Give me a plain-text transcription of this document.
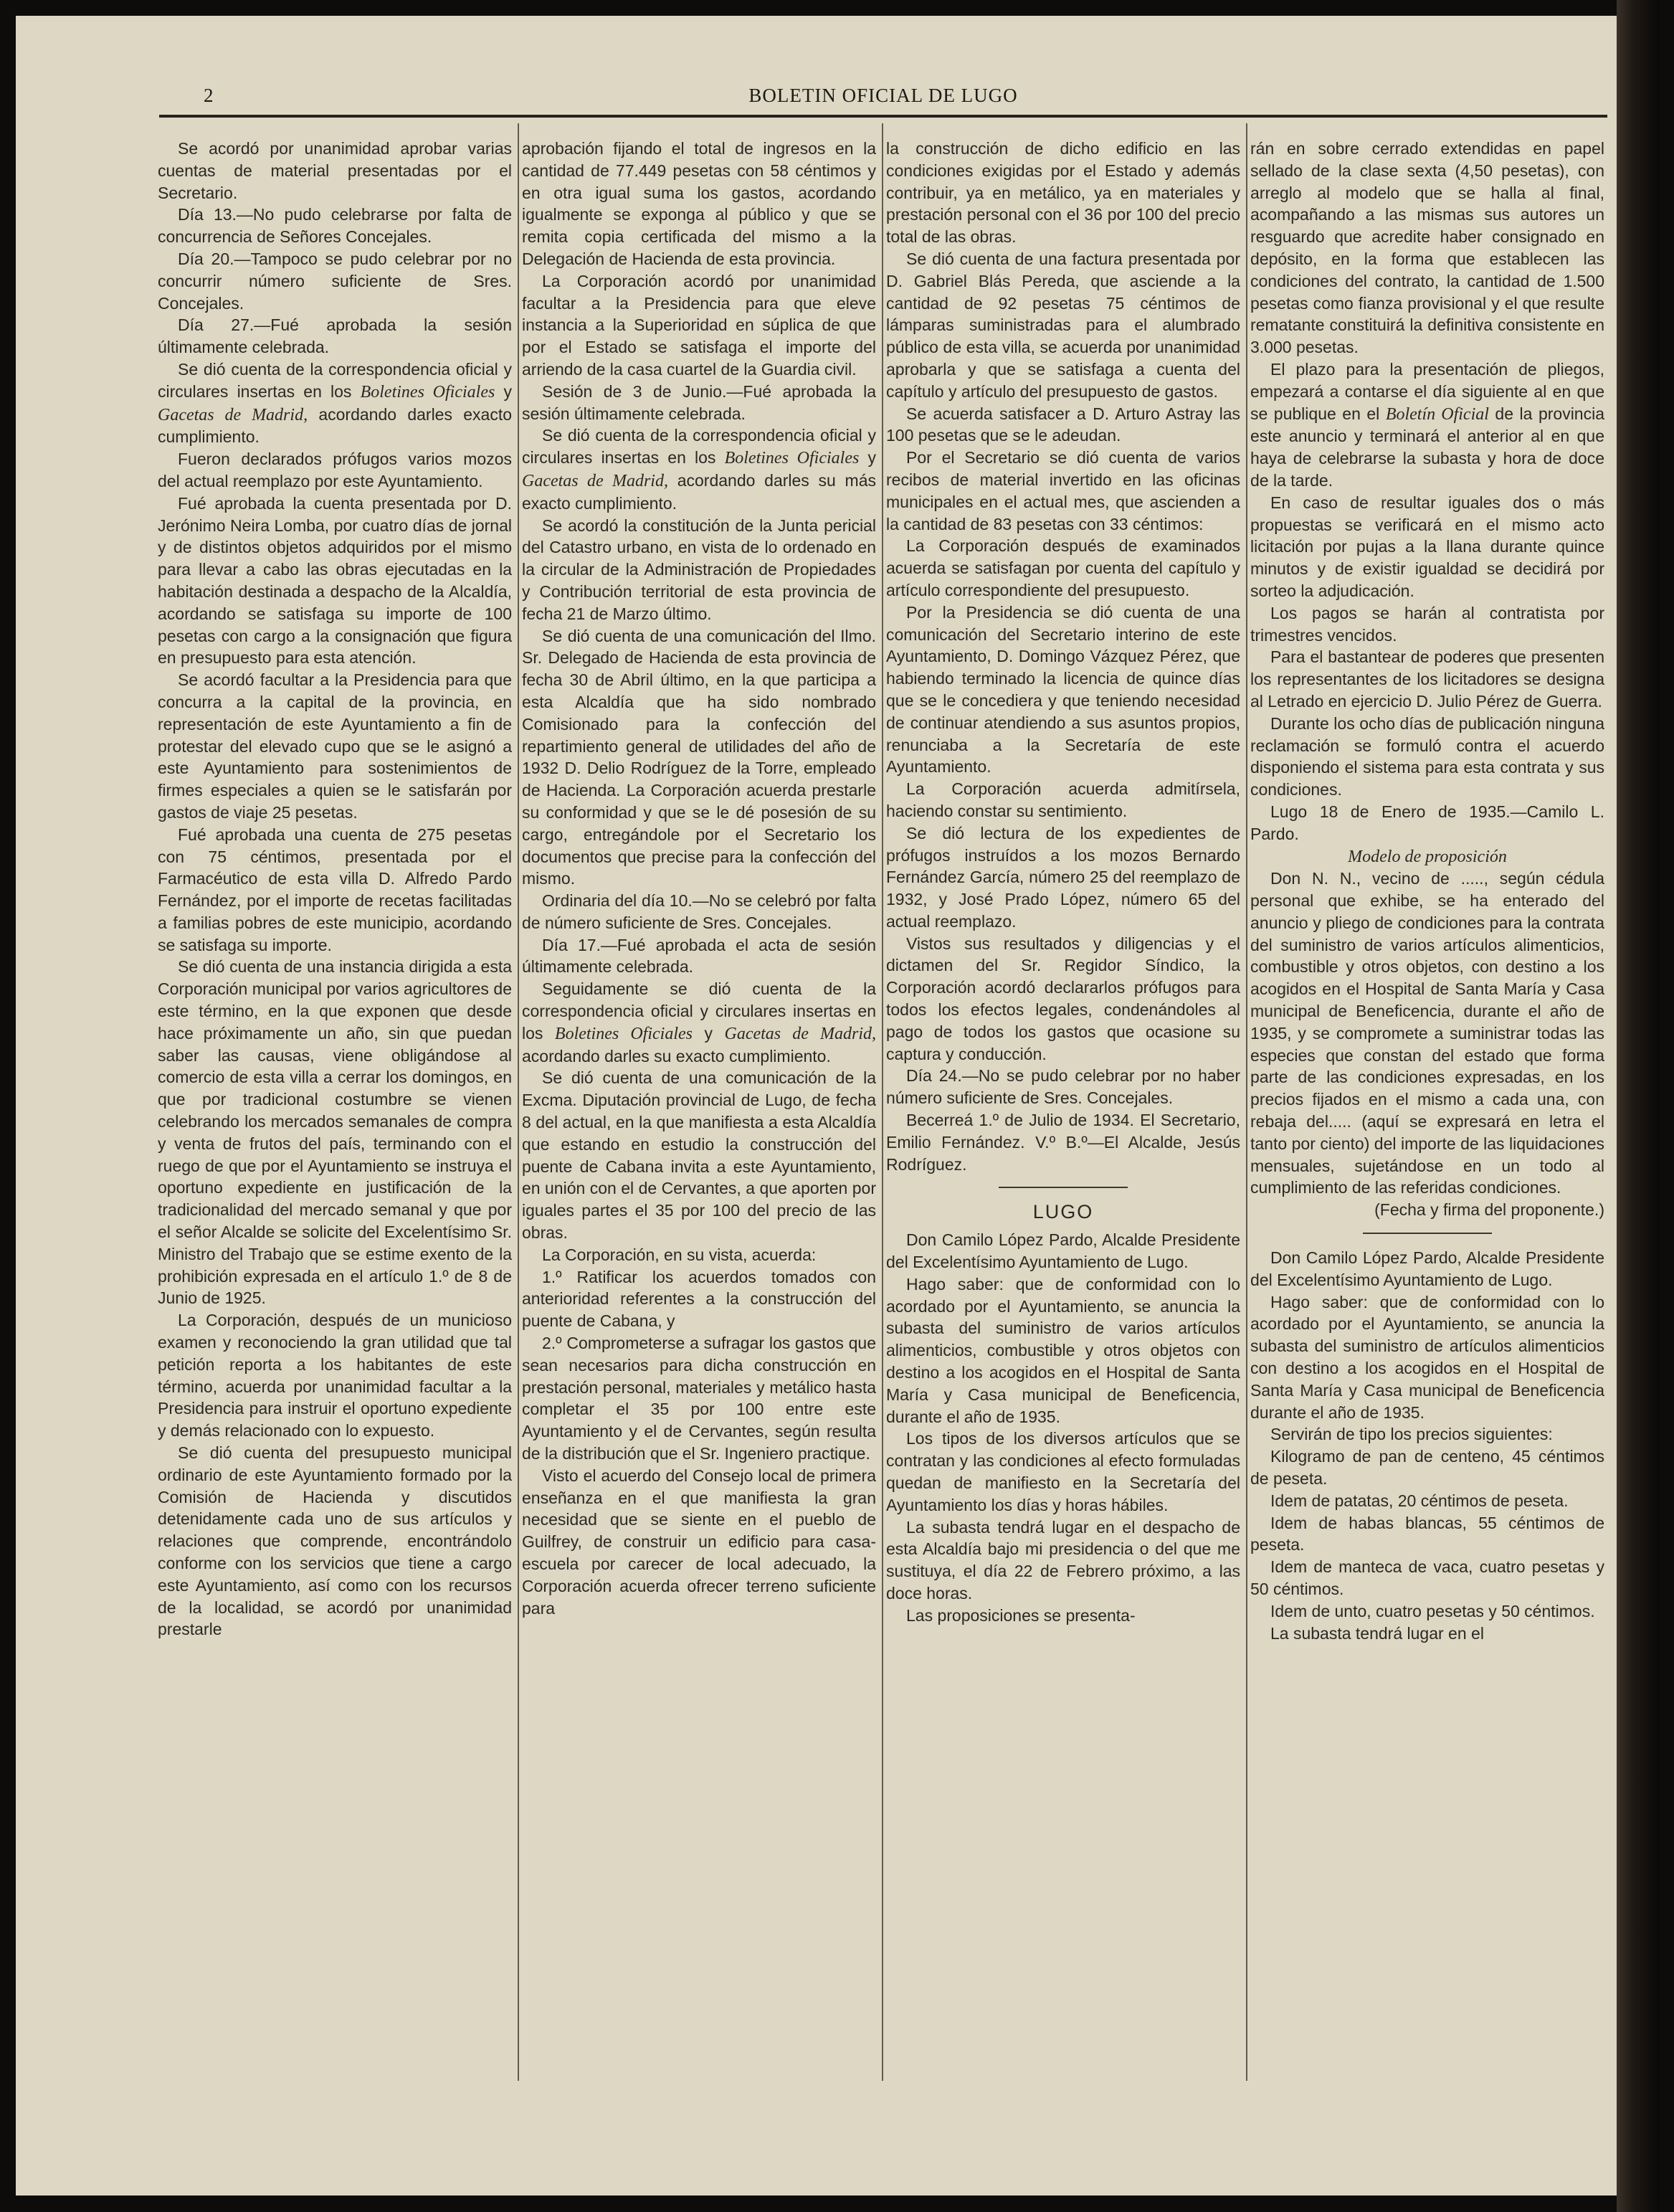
2	BOLETIN OFICIAL DE LUGO

Se acordó por unanimidad aprobar varias cuentas de material presentadas por el Secretario.

Día 13.—No pudo celebrarse por falta de concurrencia de Señores Concejales.

Día 20.—Tampoco se pudo celebrar por no concurrir número suficiente de Sres. Concejales.

Día 27.—Fué aprobada la sesión últimamente celebrada.

Se dió cuenta de la correspondencia oficial y circulares insertas en los Boletines Oficiales y Gacetas de Madrid, acordando darles exacto cumplimiento.

Fueron declarados prófugos varios mozos del actual reemplazo por este Ayuntamiento.

Fué aprobada la cuenta presentada por D. Jerónimo Neira Lomba, por cuatro días de jornal y de distintos objetos adquiridos por el mismo para llevar a cabo las obras ejecutadas en la habitación destinada a despacho de la Alcaldía, acordando se satisfaga su importe de 100 pesetas con cargo a la consignación que figura en presupuesto para esta atención.

Se acordó facultar a la Presidencia para que concurra a la capital de la provincia, en representación de este Ayuntamiento a fin de protestar del elevado cupo que se le asignó a este Ayuntamiento para sostenimientos de firmes especiales a quien se le satisfarán por gastos de viaje 25 pesetas.

Fué aprobada una cuenta de 275 pesetas con 75 céntimos, presentada por el Farmacéutico de esta villa D. Alfredo Pardo Fernández, por el importe de recetas facilitadas a familias pobres de este municipio, acordando se satisfaga su importe.

Se dió cuenta de una instancia dirigida a esta Corporación municipal por varios agricultores de este término, en la que exponen que desde hace próximamente un año, sin que puedan saber las causas, viene obligándose al comercio de esta villa a cerrar los domingos, en que por tradicional costumbre se vienen celebrando los mercados semanales de compra y venta de frutos del país, terminando con el ruego de que por el Ayuntamiento se instruya el oportuno expediente en justificación de la tradicionalidad del mercado semanal y que por el señor Alcalde se solicite del Excelentísimo Sr. Ministro del Trabajo que se estime exento de la prohibición expresada en el artículo 1.º de 8 de Junio de 1925.

La Corporación, después de un municioso examen y reconociendo la gran utilidad que tal petición reporta a los habitantes de este término, acuerda por unanimidad facultar a la Presidencia para instruir el oportuno expediente y demás relacionado con lo expuesto.

Se dió cuenta del presupuesto municipal ordinario de este Ayuntamiento formado por la Comisión de Hacienda y discutidos detenidamente cada uno de sus artículos y relaciones que comprende, encontrándolo conforme con los servicios que tiene a cargo este Ayuntamiento, así como con los recursos de la localidad, se acordó por unanimidad prestarle

aprobación fijando el total de ingresos en la cantidad de 77.449 pesetas con 58 céntimos y en otra igual suma los gastos, acordando igualmente se exponga al público y que se remita copia certificada del mismo a la Delegación de Hacienda de esta provincia.

La Corporación acordó por unanimidad facultar a la Presidencia para que eleve instancia a la Superioridad en súplica de que por el Estado se satisfaga el importe del arriendo de la casa cuartel de la Guardia civil.

Sesión de 3 de Junio.—Fué aprobada la sesión últimamente celebrada.

Se dió cuenta de la correspondencia oficial y circulares insertas en los Boletines Oficiales y Gacetas de Madrid, acordando darles su más exacto cumplimiento.

Se acordó la constitución de la Junta pericial del Catastro urbano, en vista de lo ordenado en la circular de la Administración de Propiedades y Contribución territorial de esta provincia de fecha 21 de Marzo último.

Se dió cuenta de una comunicación del Ilmo. Sr. Delegado de Hacienda de esta provincia de fecha 30 de Abril último, en la que participa a esta Alcaldía que ha sido nombrado Comisionado para la confección del repartimiento general de utilidades del año de 1932 D. Delio Rodríguez de la Torre, empleado de Hacienda. La Corporación acuerda prestarle su conformidad y que se le dé posesión de su cargo, entregándole por el Secretario los documentos que precise para la confección del mismo.

Ordinaria del día 10.—No se celebró por falta de número suficiente de Sres. Concejales.

Día 17.—Fué aprobada el acta de sesión últimamente celebrada.

Seguidamente se dió cuenta de la correspondencia oficial y circulares insertas en los Boletines Oficiales y Gacetas de Madrid, acordando darles su exacto cumplimiento.

Se dió cuenta de una comunicación de la Excma. Diputación provincial de Lugo, de fecha 8 del actual, en la que manifiesta a esta Alcaldía que estando en estudio la construcción del puente de Cabana invita a este Ayuntamiento, en unión con el de Cervantes, a que aporten por iguales partes el 35 por 100 del precio de las obras.

La Corporación, en su vista, acuerda:

1.º Ratificar los acuerdos tomados con anterioridad referentes a la construcción del puente de Cabana, y

2.º Comprometerse a sufragar los gastos que sean necesarios para dicha construcción en prestación personal, materiales y metálico hasta completar el 35 por 100 entre este Ayuntamiento y el de Cervantes, según resulta de la distribución que el Sr. Ingeniero practique.

Visto el acuerdo del Consejo local de primera enseñanza en el que manifiesta la gran necesidad que se siente en el pueblo de Guilfrey, de construir un edificio para casa-escuela por carecer de local adecuado, la Corporación acuerda ofrecer terreno suficiente para

la construcción de dicho edificio en las condiciones exigidas por el Estado y además contribuir, ya en metálico, ya en materiales y prestación personal con el 36 por 100 del precio total de las obras.

Se dió cuenta de una factura presentada por D. Gabriel Blás Pereda, que asciende a la cantidad de 92 pesetas 75 céntimos de lámparas suministradas para el alumbrado público de esta villa, se acuerda por unanimidad aprobarla y que se satisfaga a cuenta del capítulo y artículo del presupuesto de gastos.

Se acuerda satisfacer a D. Arturo Astray las 100 pesetas que se le adeudan.

Por el Secretario se dió cuenta de varios recibos de material invertido en las oficinas municipales en el actual mes, que ascienden a la cantidad de 83 pesetas con 33 céntimos:

La Corporación después de examinados acuerda se satisfagan por cuenta del capítulo y artículo correspondiente del presupuesto.

Por la Presidencia se dió cuenta de una comunicación del Secretario interino de este Ayuntamiento, D. Domingo Vázquez Pérez, que habiendo terminado la licencia de quince días que se le concediera y que teniendo necesidad de continuar atendiendo a sus asuntos propios, renunciaba a la Secretaría de este Ayuntamiento.

La Corporación acuerda admitírsela, haciendo constar su sentimiento.

Se dió lectura de los expedientes de prófugos instruídos a los mozos Bernardo Fernández García, número 25 del reemplazo de 1932, y José Prado López, número 65 del actual reemplazo.

Vistos sus resultados y diligencias y el dictamen del Sr. Regidor Síndico, la Corporación acordó declararlos prófugos para todos los efectos legales, condenándoles al pago de todos los gastos que ocasione su captura y conducción.

Día 24.—No se pudo celebrar por no haber número suficiente de Sres. Concejales.

Becerreá 1.º de Julio de 1934. El Secretario, Emilio Fernández. V.º B.º—El Alcalde, Jesús Rodríguez.

LUGO

Don Camilo López Pardo, Alcalde Presidente del Excelentísimo Ayuntamiento de Lugo.

Hago saber: que de conformidad con lo acordado por el Ayuntamiento, se anuncia la subasta del suministro de varios artículos alimenticios, combustible y otros objetos con destino a los acogidos en el Hospital de Santa María y Casa municipal de Beneficencia, durante el año de 1935.

Los tipos de los diversos artículos que se contratan y las condiciones al efecto formuladas quedan de manifiesto en la Secretaría del Ayuntamiento los días y horas hábiles.

La subasta tendrá lugar en el despacho de esta Alcaldía bajo mi presidencia o del que me sustituya, el día 22 de Febrero próximo, a las doce horas.

Las proposiciones se presenta-

rán en sobre cerrado extendidas en papel sellado de la clase sexta (4,50 pesetas), con arreglo al modelo que se halla al final, acompañando a las mismas sus autores un resguardo que acredite haber consignado en depósito, en la forma que establecen las condiciones del contrato, la cantidad de 1.500 pesetas como fianza provisional y el que resulte rematante constituirá la definitiva consistente en 3.000 pesetas.

El plazo para la presentación de pliegos, empezará a contarse el día siguiente al en que se publique en el Boletín Oficial de la provincia este anuncio y terminará el anterior al en que haya de celebrarse la subasta y hora de doce de la tarde.

En caso de resultar iguales dos o más propuestas se verificará en el mismo acto licitación por pujas a la llana durante quince minutos y de existir igualdad se decidirá por sorteo la adjudicación.

Los pagos se harán al contratista por trimestres vencidos.

Para el bastantear de poderes que presenten los representantes de los licitadores se designa al Letrado en ejercicio D. Julio Pérez de Guerra.

Durante los ocho días de publicación ninguna reclamación se formuló contra el acuerdo disponiendo el sistema para esta contrata y sus condiciones.

Lugo 18 de Enero de 1935.—Camilo L. Pardo.

Modelo de proposición

Don N. N., vecino de ....., según cédula personal que exhibe, se ha enterado del anuncio y pliego de condiciones para la contrata del suministro de varios artículos alimenticios, combustible y otros objetos, con destino a los acogidos en el Hospital de Santa María y Casa municipal de Beneficencia, durante el año de 1935, y se compromete a suministrar todas las especies que constan del estado que forma parte de las condiciones expresadas, en los precios fijados en el mismo a cada una, con rebaja del..... (aquí se expresará en letra el tanto por ciento) del importe de las liquidaciones mensuales, sujetándose en un todo al cumplimiento de las referidas condiciones.

(Fecha y firma del proponente.)

Don Camilo López Pardo, Alcalde Presidente del Excelentísimo Ayuntamiento de Lugo.

Hago saber: que de conformidad con lo acordado por el Ayuntamiento, se anuncia la subasta del suministro de artículos alimenticios con destino a los acogidos en el Hospital de Santa María y Casa municipal de Beneficencia durante el año de 1935.

Servirán de tipo los precios siguientes:

Kilogramo de pan de centeno, 45 céntimos de peseta.

Idem de patatas, 20 céntimos de peseta.

Idem de habas blancas, 55 céntimos de peseta.

Idem de manteca de vaca, cuatro pesetas y 50 céntimos.

Idem de unto, cuatro pesetas y 50 céntimos.

La subasta tendrá lugar en el
